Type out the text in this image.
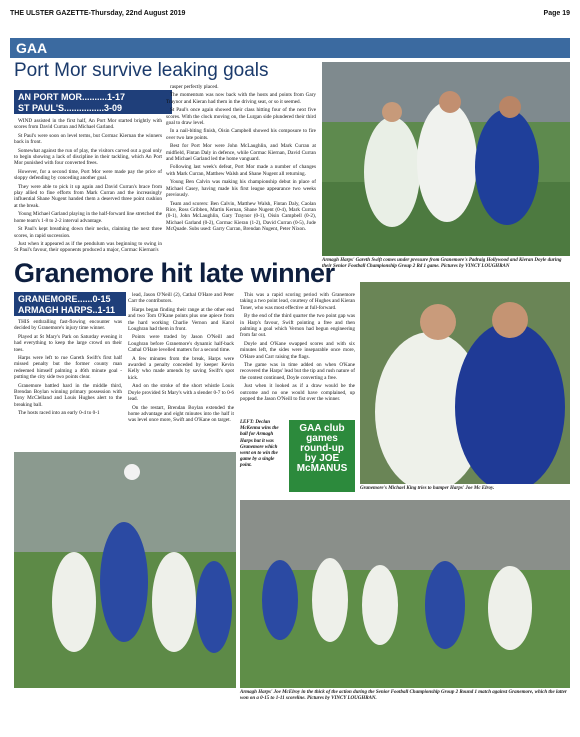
THE ULSTER GAZETTE-Thursday, 22nd August 2019	Page 19
GAA
Port Mor survive leaking goals
AN PORT MOR..........1-17
ST PAUL'S................3-09

WIND assisted in the first half, An Port Mor started brightly with scores from David Curran and Michael Garland.

St Paul's were soon on level terms, but Cormac Kiernan the winners back in front.

Somewhat against the run of play, the visitors carved out a goal only to begin showing a lack of discipline in their tackling, which An Port Mor punished with four converted frees.

However, for a second time, Port Mor were made pay the price of sloppy defending by conceding another goal.

They were able to pick it up again and David Curran's brace from play allied to fine efforts from Mark Curran and the increasingly influential Shane Nugent handed them a deserved three point cushion at the break.

Young Michael Garland playing in the half-forward line stretched the home team's 1-8 to 2-2 interval advantage.

St Paul's kept breathing down their necks, claiming the next three scores, in rapid succession.

Just when it appeared as if the pendulum was beginning to swing in St Paul's favour, their opponents produced a major, Cormac Kiernan's

rasper perfectly placed.

The momentum was now back with the hosts and points from Gary Traynor and Kieran had them in the driving seat, or so it seemed.

St Paul's once again showed their class hitting four of the next five scores. With the clock moving on, the Lurgan side plundered their third goal to draw level.

In a nail-biting finish, Oisin Campbell showed his composure to fire over two late points.

Best for Port Mor were John McLaughlin, and Mark Curran at midfield, Fintan Daly in defence, while Cormac Kiernan, David Curran and Michael Garland led the home vanguard.

Following last week's defeat, Port Mor made a number of changes with Mark Curran, Matthew Walsh and Shane Nugent all returning.

Young Ben Calvin was making his championship debut in place of Michael Casey, having made his first league appearance two weeks previously.

Team and scorers: Ben Calvin, Matthew Walsh, Fintan Daly, Caolan Rice, Ross Gribben, Martin Kernan, Shane Nugent (0-4), Mark Curran (0-1), John McLaughlin, Gary Traynor (0-1), Oisin Campbell (0-2), Michael Garland (0-2), Cormac Kieran (1-2), David Curran (0-5), Jude McQuade. Subs used: Garry Curran, Brendan Nugent, Peter Nixon.

Armagh Harps' Gareth Swift comes under pressure from Granemore's Padraig Hollywood and Kieran Doyle during their Senior Football Championship Group 2 Rd 1 game. Pictures by VINCY LOUGHRAN
Granemore hit late winner
GRANEMORE......0-15
ARMAGH HARPS..1-11

THIS enthralling fast-flowing encounter was decided by Granemore's injury time winner.

Played at St Mary's Park on Saturday evening it had everything to keep the large crowd on their toes.

Harps were left to rue Gareth Swift's first half missed penalty but the former county man redeemed himself palming a 46th minute goal - putting the city side two points clear.

Granemore battled hard in the middle third, Brendan Boylan winning primary possession with Tony McClelland and Louis Hughes alert to the breaking ball.

The hosts raced into an early 0-4 to 0-1

lead, Jason O'Neill (2), Cathal O'Hare and Peter Carr the contributors.

Harps began finding their range at the other end and two Tom O'Kane points plus one apiece from the hard working Charlie Vernon and Karol Loughran had them in front.

Points were traded by Jason O'Neill and Loughran before Granemore's dynamic half-back Cathal O'Hare levelled matters for a second time.

A few minutes from the break, Harps were awarded a penalty conceded by keeper Kevin Kelly who made amends by saving Swift's spot kick.

And on the stroke of the short whistle Louis Doyle provided St Mary's with a slender 0-7 to 0-6 lead.

On the restart, Brendan Boylan extended the home advantage and eight minutes into the half it was level once more, Swift and O'Kane on target.

This was a rapid scoring period with Granemore taking a two point lead, courtesy of Hughes and Kieran Toner, who was most effective at full-forward.

By the end of the third quarter the two point gap was in Harp's favour, Swift pointing a free and then palming a goal which Vernon had begun engineering from far out.

Doyle and O'Kane swapped scores and with six minutes left, the sides were inseparable once more, O'Hare and Carr raising the flags.

The game was in time added on when O'Kane recovered the Harps' lead but the tip and rush nature of the contest continued, Doyle converting a free.

Just when it looked as if a draw would be the outcome and no one would have complained, up popped the Jason O'Neill to fist over the winner.

Granemore's Michael King tries to hamper Harps' Joe Mc Elroy.
LEFT: Declan McKenna wins the ball for Armagh Harps but it was Granemore which went on to win the game by a single point.
GAA club
games
round-up
by JOE
McMANUS
Armagh Harps' Joe McElroy in the thick of the action during the Senior Football Championship Group 2 Round 1 match against Granemore, which the latter won on a 0-15 to 1-11 scoreline. Pictures by VINCY LOUGHRAN.
